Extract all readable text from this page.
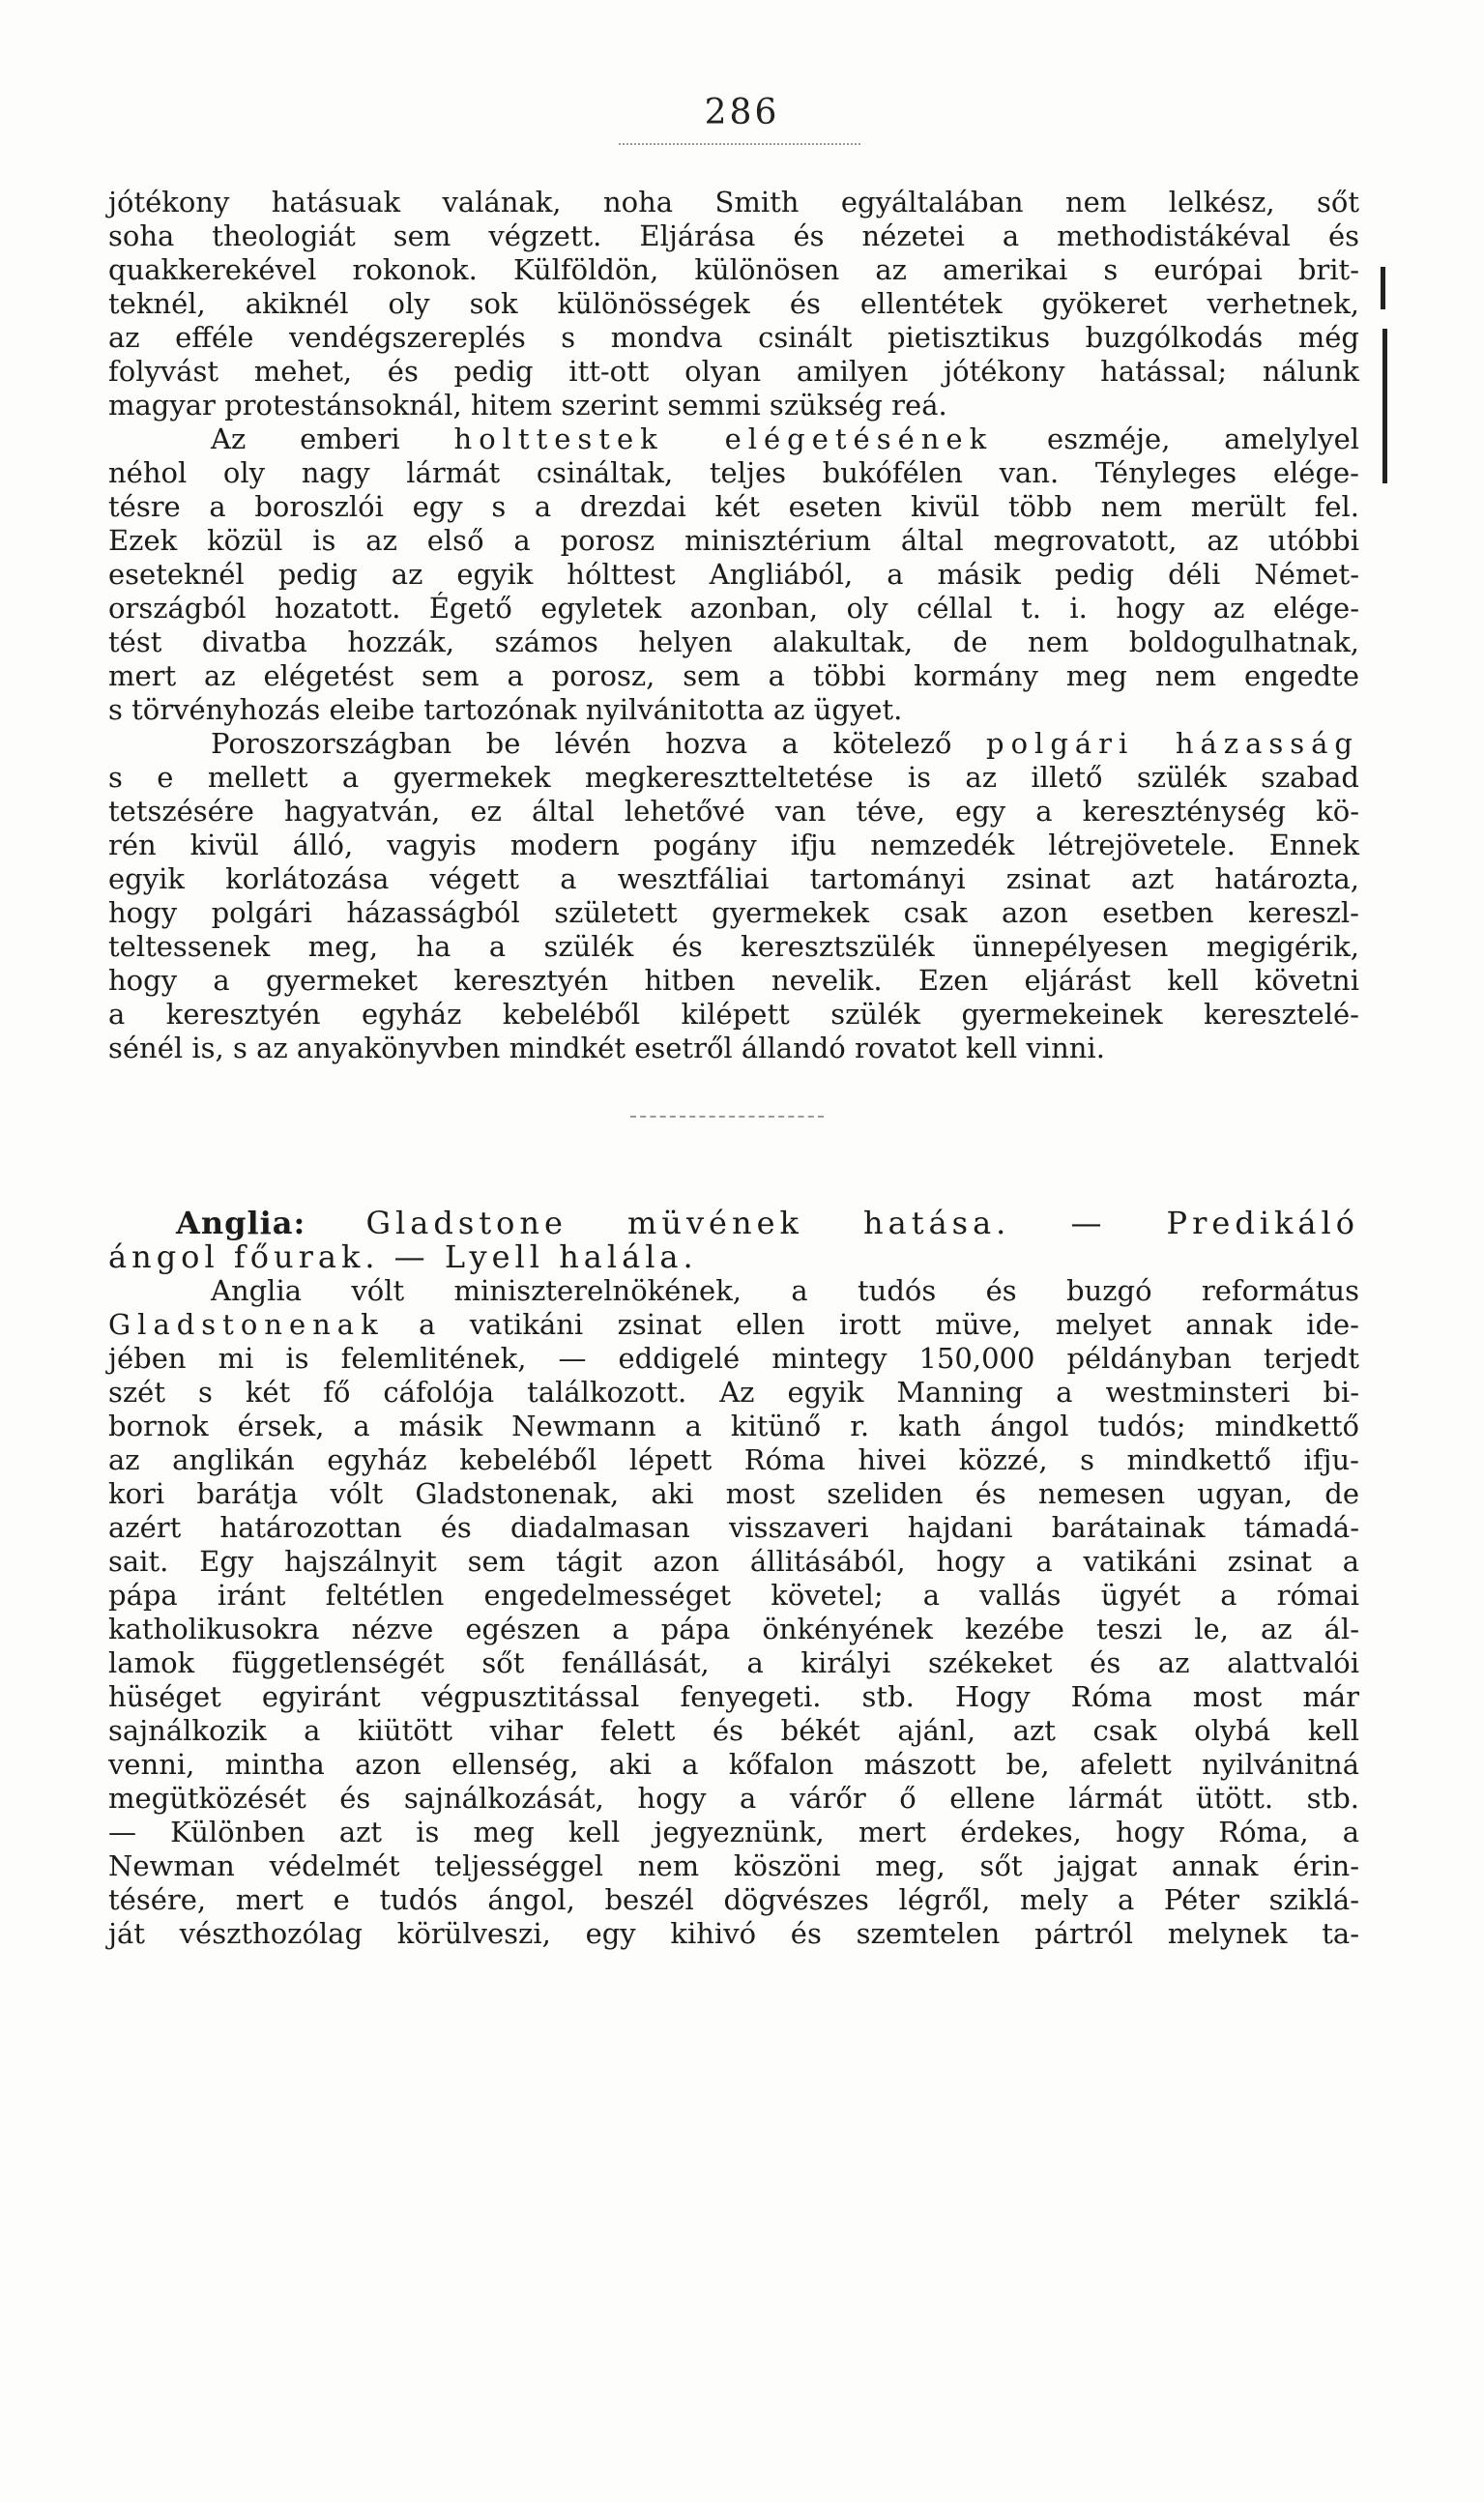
286
jótékony hatásuak valának, noha Smith egyáltalában nem lelkész, sőt
soha theologiát sem végzett. Eljárása és nézetei a methodistákéval és
quakkerekével rokonok. Külföldön, különösen az amerikai s európai brit-
teknél, akiknél oly sok különösségek és ellentétek gyökeret verhetnek,
az efféle vendégszereplés s mondva csinált pietisztikus buzgólkodás még
folyvást mehet, és pedig itt-ott olyan amilyen jótékony hatással; nálunk
magyar protestánsoknál, hitem szerint semmi szükség reá.
Az emberi holttestek elégetésének eszméje, amelylyel
néhol oly nagy lármát csináltak, teljes bukófélen van. Tényleges elége-
tésre a boroszlói egy s a drezdai két eseten kivül több nem merült fel.
Ezek közül is az első a porosz minisztérium által megrovatott, az utóbbi
eseteknél pedig az egyik hólttest Angliából, a másik pedig déli Német-
országból hozatott. Égető egyletek azonban, oly céllal t. i. hogy az elége-
tést divatba hozzák, számos helyen alakultak, de nem boldogulhatnak,
mert az elégetést sem a porosz, sem a többi kormány meg nem engedte
s törvényhozás eleibe tartozónak nyilvánitotta az ügyet.
Poroszországban be lévén hozva a kötelező polgári házasság
s e mellett a gyermekek megkeresztteltetése is az illető szülék szabad
tetszésére hagyatván, ez által lehetővé van téve, egy a kereszténység kö-
rén kivül álló, vagyis modern pogány ifju nemzedék létrejövetele. Ennek
egyik korlátozása végett a wesztfáliai tartományi zsinat azt határozta,
hogy polgári házasságból született gyermekek csak azon esetben kereszl-
teltessenek meg, ha a szülék és keresztszülék ünnepélyesen megigérik,
hogy a gyermeket keresztyén hitben nevelik. Ezen eljárást kell követni
a keresztyén egyház kebeléből kilépett szülék gyermekeinek keresztelé-
sénél is, s az anyakönyvben mindkét esetről állandó rovatot kell vinni.
Anglia: Gladstone müvének hatása. — Predikáló
ángol főurak. — Lyell halála.
Anglia vólt miniszterelnökének, a tudós és buzgó református
Gladstonenak a vatikáni zsinat ellen irott müve, melyet annak ide-
jében mi is felemlitének, — eddigelé mintegy 150,000 példányban terjedt
szét s két fő cáfolója találkozott. Az egyik Manning a westminsteri bi-
bornok érsek, a másik Newmann a kitünő r. kath ángol tudós; mindkettő
az anglikán egyház kebeléből lépett Róma hivei közzé, s mindkettő ifju-
kori barátja vólt Gladstonenak, aki most szeliden és nemesen ugyan, de
azért határozottan és diadalmasan visszaveri hajdani barátainak támadá-
sait. Egy hajszálnyit sem tágit azon állitásából, hogy a vatikáni zsinat a
pápa iránt feltétlen engedelmességet követel; a vallás ügyét a római
katholikusokra nézve egészen a pápa önkényének kezébe teszi le, az ál-
lamok függetlenségét sőt fenállását, a királyi székeket és az alattvalói
hüséget egyiránt végpusztitással fenyegeti. stb. Hogy Róma most már
sajnálkozik a kiütött vihar felett és békét ajánl, azt csak olybá kell
venni, mintha azon ellenség, aki a kőfalon mászott be, afelett nyilvánitná
megütközését és sajnálkozását, hogy a várőr ő ellene lármát ütött. stb.
— Különben azt is meg kell jegyeznünk, mert érdekes, hogy Róma, a
Newman védelmét teljességgel nem köszöni meg, sőt jajgat annak érin-
tésére, mert e tudós ángol, beszél dögvészes légről, mely a Péter sziklá-
ját vészthozólag körülveszi, egy kihivó és szemtelen pártról melynek ta-
